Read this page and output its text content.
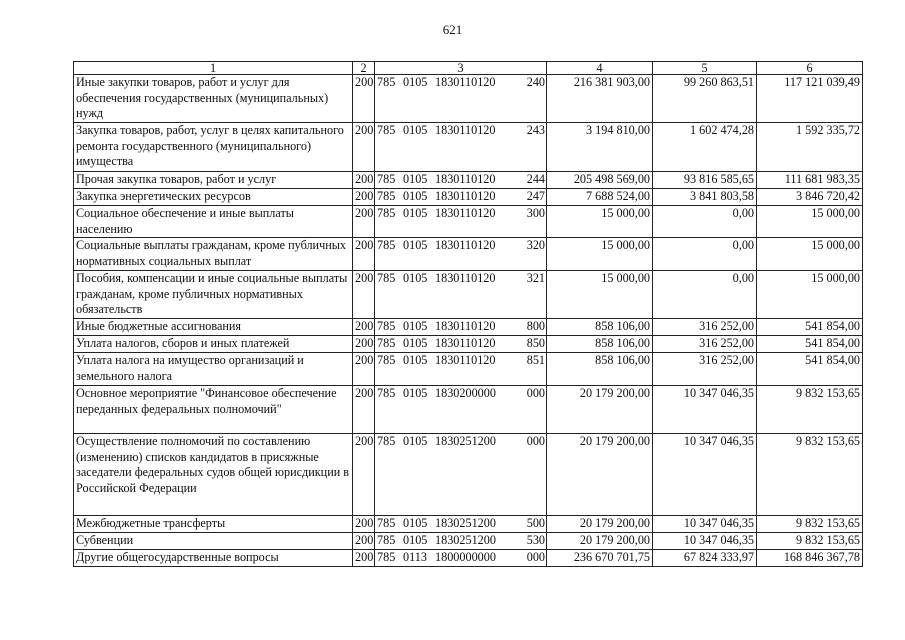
621
1	2	3	4	5	6
Иные закупки товаров, работ и услуг для обеспечения государственных (муниципальных) нужд	200	785 0105 1830110120 240	216 381 903,00	99 260 863,51	117 121 039,49
Закупка товаров, работ, услуг в целях капитального ремонта государственного (муниципального) имущества	200	785 0105 1830110120 243	3 194 810,00	1 602 474,28	1 592 335,72
Прочая закупка товаров, работ и услуг	200	785 0105 1830110120 244	205 498 569,00	93 816 585,65	111 681 983,35
Закупка энергетических ресурсов	200	785 0105 1830110120 247	7 688 524,00	3 841 803,58	3 846 720,42
Социальное обеспечение и иные выплаты населению	200	785 0105 1830110120 300	15 000,00	0,00	15 000,00
Социальные выплаты гражданам, кроме публичных нормативных социальных выплат	200	785 0105 1830110120 320	15 000,00	0,00	15 000,00
Пособия, компенсации и иные социальные выплаты гражданам, кроме публичных нормативных обязательств	200	785 0105 1830110120 321	15 000,00	0,00	15 000,00
Иные бюджетные ассигнования	200	785 0105 1830110120 800	858 106,00	316 252,00	541 854,00
Уплата налогов, сборов и иных платежей	200	785 0105 1830110120 850	858 106,00	316 252,00	541 854,00
Уплата налога на имущество организаций и земельного налога	200	785 0105 1830110120 851	858 106,00	316 252,00	541 854,00
Основное мероприятие "Финансовое обеспечение переданных федеральных полномочий"	200	785 0105 1830200000 000	20 179 200,00	10 347 046,35	9 832 153,65
Осуществление полномочий по составлению (изменению) списков кандидатов в присяжные заседатели федеральных судов общей юрисдикции в Российской Федерации	200	785 0105 1830251200 000	20 179 200,00	10 347 046,35	9 832 153,65
Межбюджетные трансферты	200	785 0105 1830251200 500	20 179 200,00	10 347 046,35	9 832 153,65
Субвенции	200	785 0105 1830251200 530	20 179 200,00	10 347 046,35	9 832 153,65
Другие общегосударственные вопросы	200	785 0113 1800000000 000	236 670 701,75	67 824 333,97	168 846 367,78
